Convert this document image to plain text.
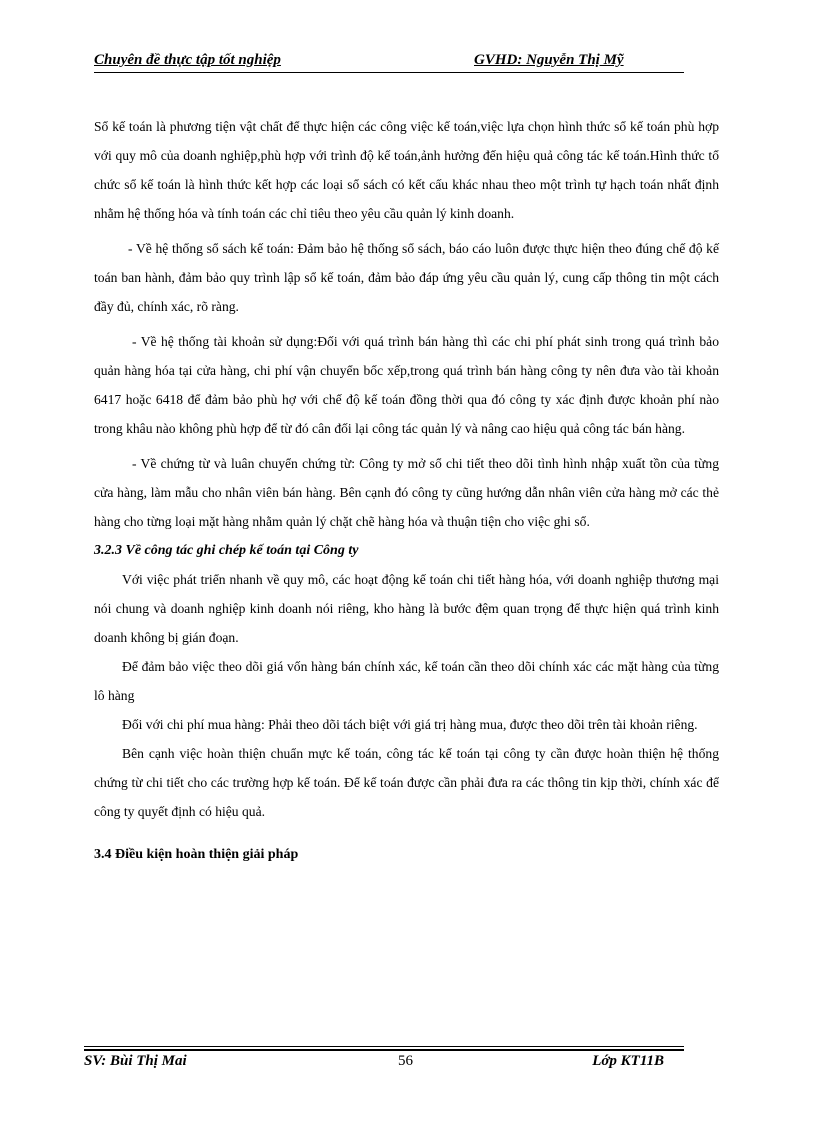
Chuyên đề thực tập tốt nghiệp	GVHD: Nguyễn Thị Mỹ

Sổ kế toán là phương tiện vật chất để thực hiện các công việc kế toán,việc lựa chọn hình thức sổ kế toán phù hợp với quy mô của doanh nghiệp,phù hợp với trình độ kế toán,ảnh hưởng đến hiệu quả công tác kế toán.Hình thức tổ chức sổ kế toán là hình thức kết hợp các loại sổ sách có kết cấu khác nhau theo một trình tự hạch toán nhất định nhằm hệ thống hóa và tính toán các chỉ tiêu theo yêu cầu quản lý kinh doanh.

- Về hệ thống sổ sách kế toán: Đảm bảo hệ thống sổ sách, báo cáo luôn được thực hiện theo đúng chế độ kế toán ban hành, đảm bảo quy trình lập sổ kế toán, đảm bảo đáp ứng yêu cầu quản lý, cung cấp thông tin một cách đầy đủ, chính xác, rõ ràng.

- Về hệ thống tài khoản sử dụng:Đối với quá trình bán hàng thì các chi phí phát sinh trong quá trình bảo quản hàng hóa tại cửa hàng, chi phí vận chuyển bốc xếp,trong quá trình bán hàng công ty nên đưa vào tài khoản 6417 hoặc 6418 để đảm bảo phù hợ với chế độ kế toán đồng thời qua đó công ty xác định được khoản phí nào trong khâu nào không phù hợp để từ đó cân đối lại công tác quản lý và nâng cao hiệu quả công tác bán hàng.

- Về chứng từ và luân chuyển chứng từ: Công ty mở sổ chi tiết theo dõi tình hình nhập xuất tồn của từng cửa hàng, làm mẫu cho nhân viên bán hàng. Bên cạnh đó công ty cũng hướng dẫn nhân viên cửa hàng mở các thẻ hàng cho từng loại mặt hàng nhằm quản lý chặt chẽ hàng hóa và thuận tiện cho việc ghi sổ.

3.2.3 Về công tác ghi chép kế toán tại Công ty

Với việc phát triển nhanh về quy mô, các hoạt động kế toán chi tiết hàng hóa, với doanh nghiệp thương mại nói chung và doanh nghiệp kinh doanh nói riêng, kho hàng là bước đệm quan trọng để thực hiện quá trình kinh doanh không bị gián đoạn.

Để đảm bảo việc theo dõi giá vốn hàng bán chính xác, kế toán cần theo dõi chính xác các mặt hàng của từng lô hàng

Đối với chi phí mua hàng: Phải theo dõi tách biệt với giá trị hàng mua, được theo dõi trên tài khoản riêng.

Bên cạnh việc hoàn thiện chuẩn mực kế toán, công tác kế toán tại công ty cần được hoàn thiện hệ thống chứng từ chi tiết cho các trường hợp kế toán. Để kế toán được cần phải đưa ra các thông tin kịp thời, chính xác để công ty quyết định có hiệu quả.

3.4 Điều kiện hoàn thiện giải pháp

SV: Bùi Thị Mai	56	Lớp KT11B
